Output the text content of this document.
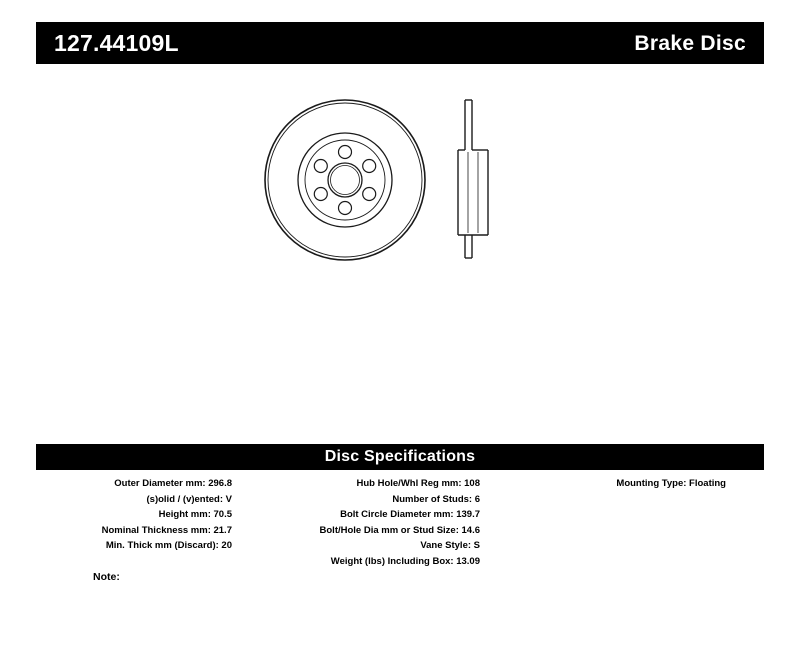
127.44109L	Brake Disc
Disc Specifications
Outer Diameter mm: 296.8
(s)olid / (v)ented: V
Height mm: 70.5
Nominal Thickness mm: 21.7
Min. Thick mm (Discard): 20
Hub Hole/Whl Reg mm: 108
Number of Studs: 6
Bolt Circle Diameter mm: 139.7
Bolt/Hole Dia mm or Stud Size: 14.6
Vane Style: S
Weight (lbs) Including Box: 13.09
Mounting Type: Floating
Note:
